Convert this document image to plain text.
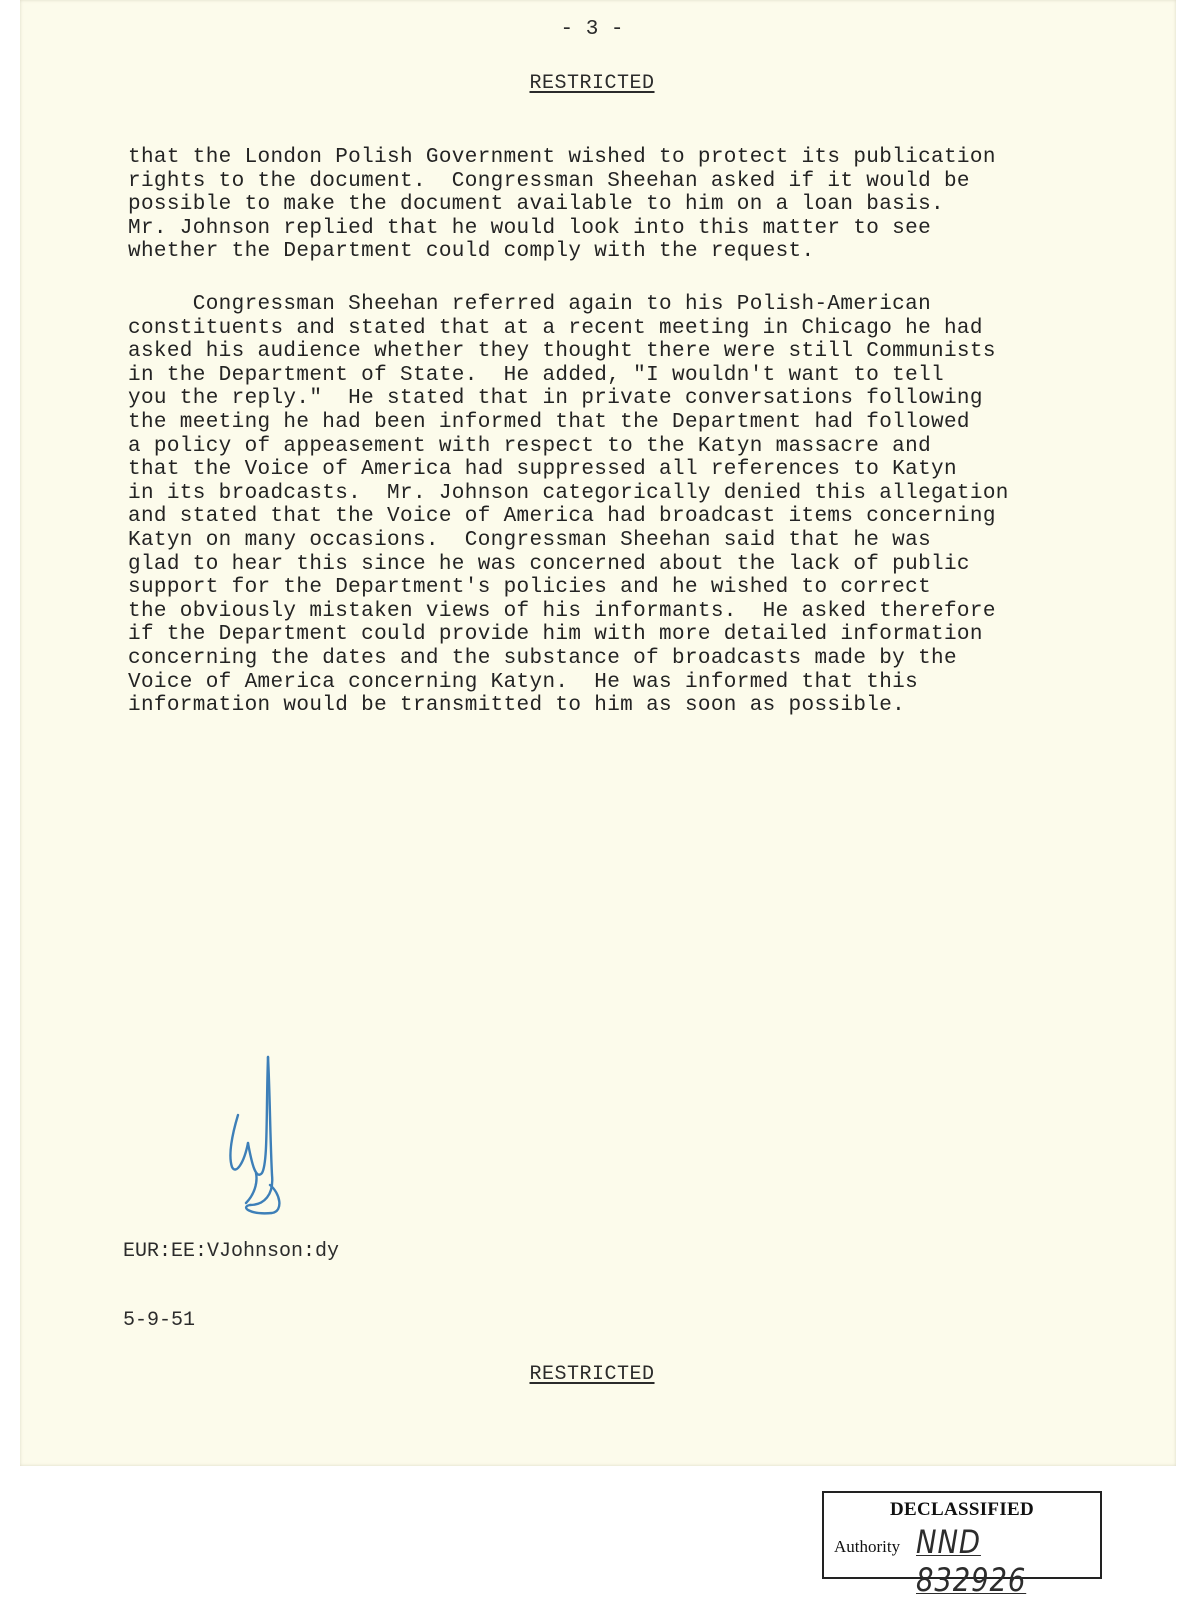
- 3 -
RESTRICTED
that the London Polish Government wished to protect its publication
rights to the document.  Congressman Sheehan asked if it would be
possible to make the document available to him on a loan basis.
Mr. Johnson replied that he would look into this matter to see
whether the Department could comply with the request.
Congressman Sheehan referred again to his Polish-American
constituents and stated that at a recent meeting in Chicago he had
asked his audience whether they thought there were still Communists
in the Department of State.  He added, "I wouldn't want to tell
you the reply."  He stated that in private conversations following
the meeting he had been informed that the Department had followed
a policy of appeasement with respect to the Katyn massacre and
that the Voice of America had suppressed all references to Katyn
in its broadcasts.  Mr. Johnson categorically denied this allegation
and stated that the Voice of America had broadcast items concerning
Katyn on many occasions.  Congressman Sheehan said that he was
glad to hear this since he was concerned about the lack of public
support for the Department's policies and he wished to correct
the obviously mistaken views of his informants.  He asked therefore
if the Department could provide him with more detailed information
concerning the dates and the substance of broadcasts made by the
Voice of America concerning Katyn.  He was informed that this
information would be transmitted to him as soon as possible.

EUR:EE:VJohnson:dy

5-9-51

RESTRICTED
DECLASSIFIED
Authority NND 832926
